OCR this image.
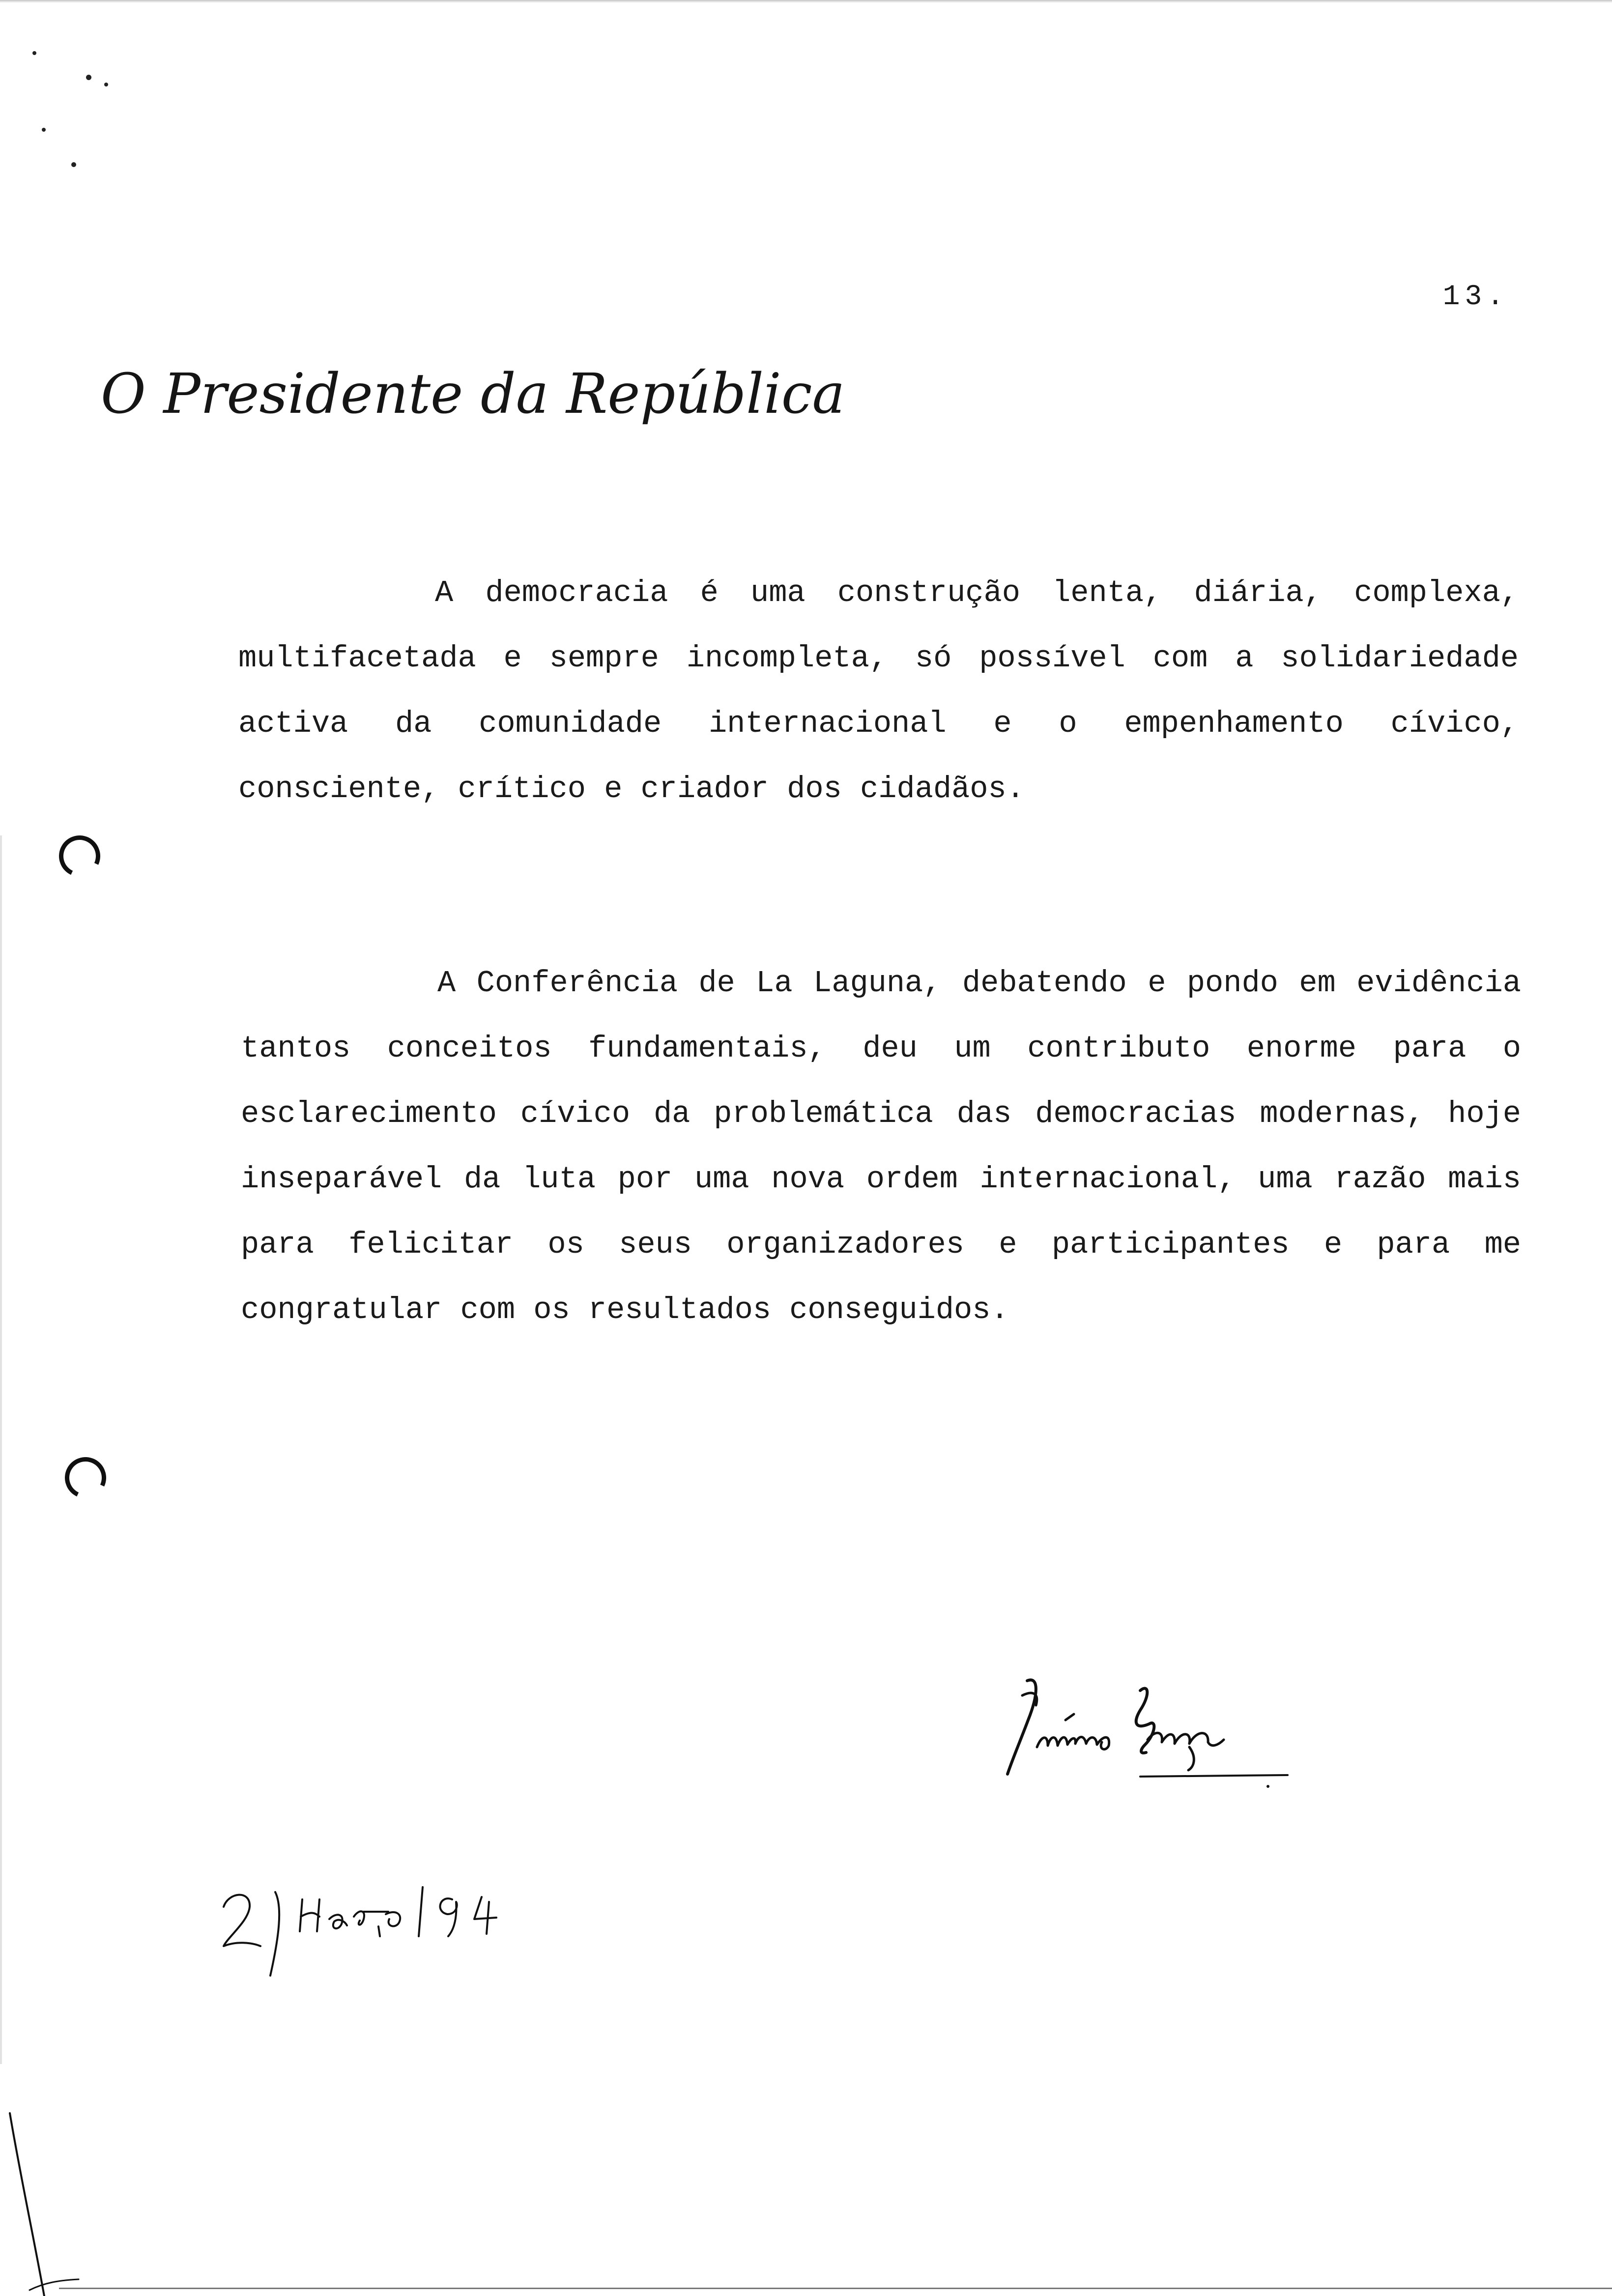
13.
O Presidente da República

A democracia é uma construção lenta, diária, complexa, multifacetada e sempre incompleta, só possível com a solidariedade activa da comunidade internacional e o empenhamento cívico, consciente, crítico e criador dos cidadãos.

A Conferência de La Laguna, debatendo e pondo em evidência tantos conceitos fundamentais, deu um contributo enorme para o esclarecimento cívico da problemática das democracias modernas, hoje inseparável da luta por uma nova ordem internacional, uma razão mais para felicitar os seus organizadores e participantes e para me congratular com os resultados conseguidos.
